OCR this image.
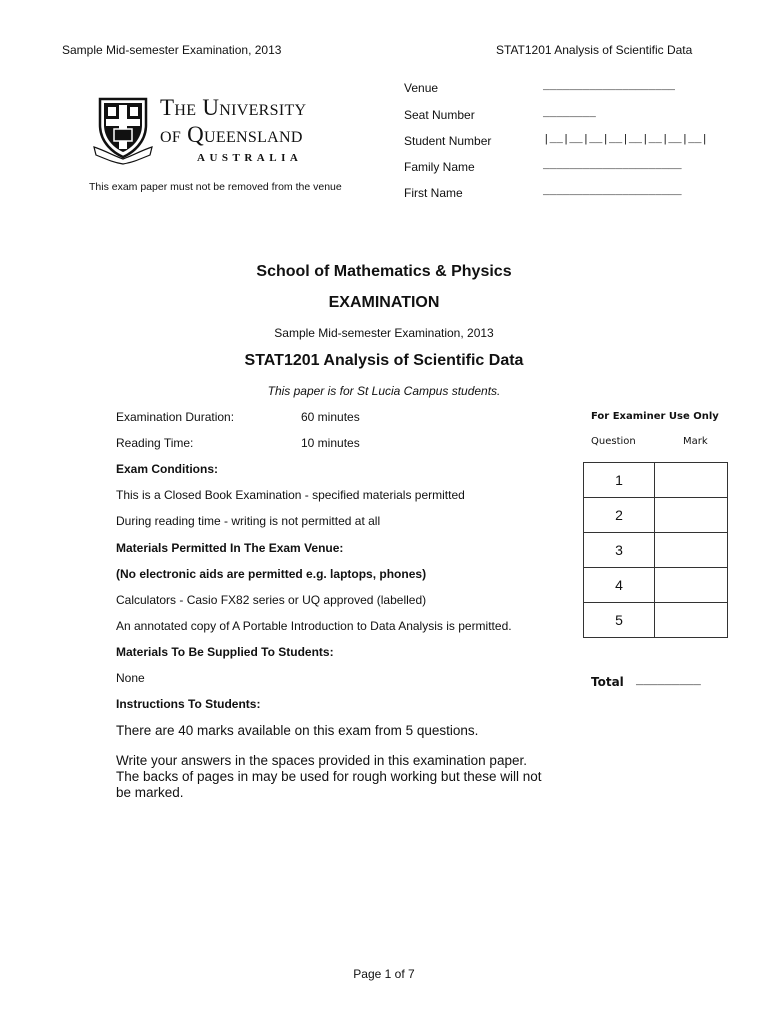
Sample Mid-semester Examination, 2013	STAT1201 Analysis of Scientific Data
The University
of Queensland
AUSTRALIA
This exam paper must not be removed from the venue
Venue	____________________
Seat Number	________
Student Number	|__|__|__|__|__|__|__|__|
Family Name	_____________________
First Name	_____________________
School of Mathematics & Physics
EXAMINATION
Sample Mid-semester Examination, 2013
STAT1201 Analysis of Scientific Data
This paper is for St Lucia Campus students.
Examination Duration:	60 minutes
Reading Time:	10 minutes
Exam Conditions:
This is a Closed Book Examination - specified materials permitted
During reading time - writing is not permitted at all
Materials Permitted In The Exam Venue:
(No electronic aids are permitted e.g. laptops, phones)
Calculators - Casio FX82 series or UQ approved (labelled)
An annotated copy of A Portable Introduction to Data Analysis is permitted.
Materials To Be Supplied To Students:
None
Instructions To Students:
There are 40 marks available on this exam from 5 questions.
Write your answers in the spaces provided in this examination paper.
The backs of pages in may be used for rough working but these will not
be marked.
For Examiner Use Only
Question	Mark
1	
2	
3	
4	
5	
Total _________
Page 1 of 7
